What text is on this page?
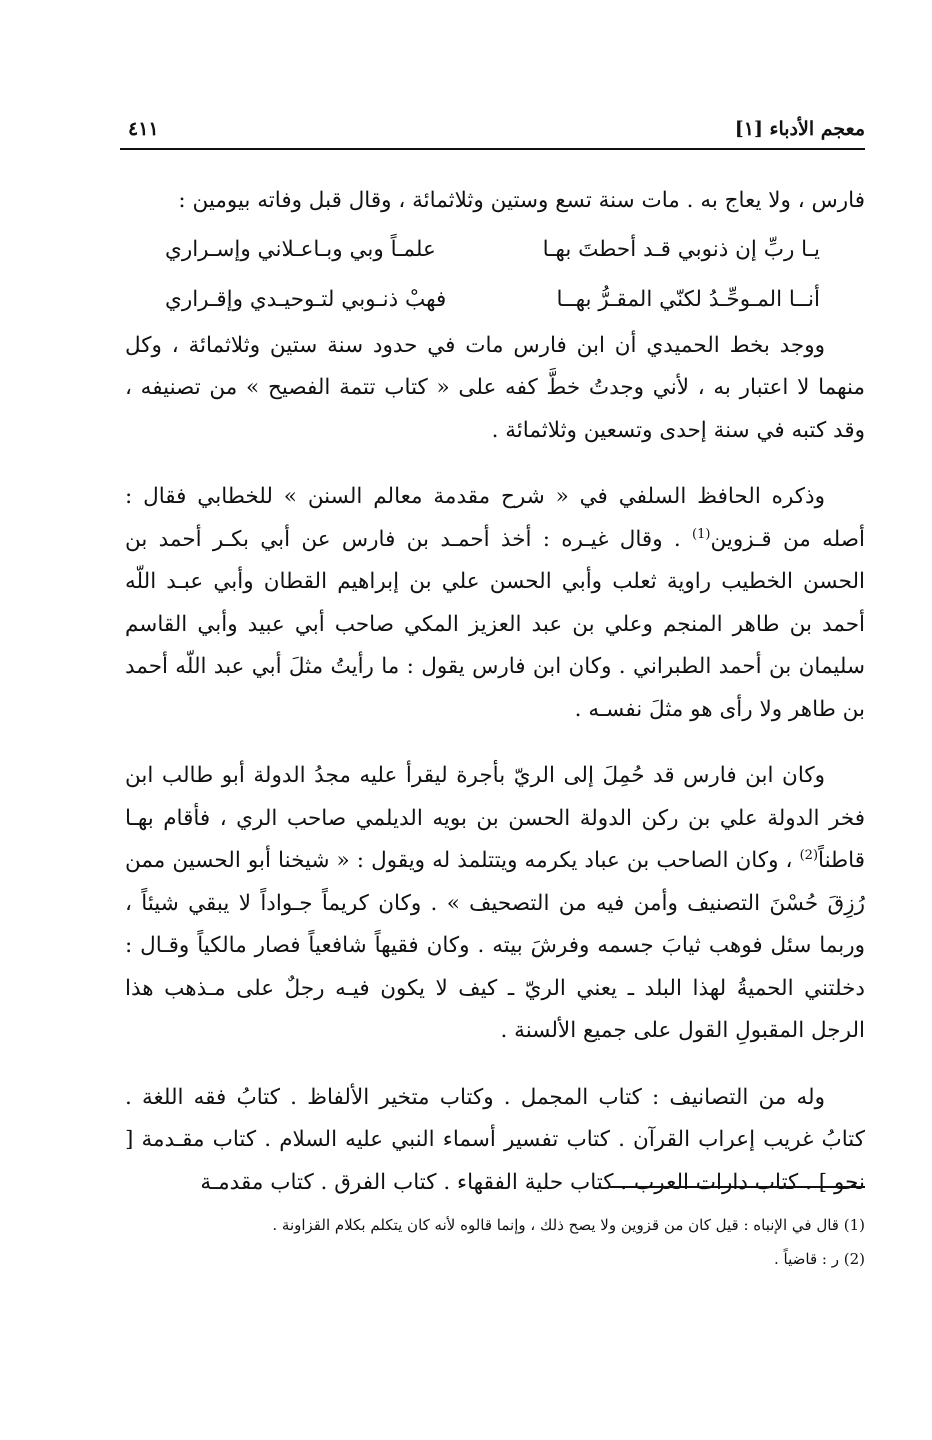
معجم الأدباء [١]
٤١١

فارس ، ولا يعاج به . مات سنة تسع وستين وثلاثمائة ، وقال قبل وفاته بيومين :

يـا ربِّ إن ذنوبي قـد أحطتَ بهـا
علمـاً وبي وبـاعـلاني وإسـراري
أنــا المـوحِّـدُ لكنّي المقـرُّ بهــا
فهبْ ذنـوبي لتـوحيـدي وإقـراري

ووجد بخط الحميدي أن ابن فارس مات في حدود سنة ستين وثلاثمائة ، وكل منهما لا اعتبار به ، لأني وجدتُ خطَّ كفه على « كتاب تتمة الفصيح » من تصنيفه ، وقد كتبه في سنة إحدى وتسعين وثلاثمائة .

وذكره الحافظ السلفي في « شرح مقدمة معالم السنن » للخطابي فقال : أصله من قـزوين$^{(1)}$ . وقال غيـره : أخذ أحمـد بن فارس عن أبي بكـر أحمد بن الحسن الخطيب راوية ثعلب وأبي الحسن علي بن إبراهيم القطان وأبي عبـد اللّه أحمد بن طاهر المنجم وعلي بن عبد العزيز المكي صاحب أبي عبيد وأبي القاسم سليمان بن أحمد الطبراني . وكان ابن فارس يقول : ما رأيتُ مثلَ أبي عبد اللّه أحمد بن طاهر ولا رأى هو مثلَ نفسـه .

وكان ابن فارس قد حُمِلَ إلى الريّ بأجرة ليقرأ عليه مجدُ الدولة أبو طالب ابن فخر الدولة علي بن ركن الدولة الحسن بن بويه الديلمي صاحب الري ، فأقام بهـا قاطناً$^{(2)}$ ، وكان الصاحب بن عباد يكرمه ويتتلمذ له ويقول : « شيخنا أبو الحسين ممن رُزِقَ حُسْنَ التصنيف وأمن فيه من التصحيف » . وكان كريماً جـواداً لا يبقي شيئاً ، وربما سئل فوهب ثيابَ جسمه وفرشَ بيته . وكان فقيهاً شافعياً فصار مالكياً وقـال : دخلتني الحميةُ لهذا البلد ـ يعني الريّ ـ كيف لا يكون فيـه رجلٌ على مـذهب هذا الرجل المقبولِ القول على جميع الألسنة .

وله من التصانيف : كتاب المجمل . وكتاب متخير الألفاظ . كتابُ فقه اللغة . كتابُ غريب إعراب القرآن . كتاب تفسير أسماء النبي عليه السلام . كتاب مقـدمة [ نحو ] . كتاب دارات العرب . كتاب حلية الفقهاء . كتاب الفرق . كتاب مقدمـة

(1) قال في الإنباه : قيل كان من قزوين ولا يصح ذلك ، وإنما قالوه لأنه كان يتكلم بكلام القزاونة .

(2) ر : قاضياً .
